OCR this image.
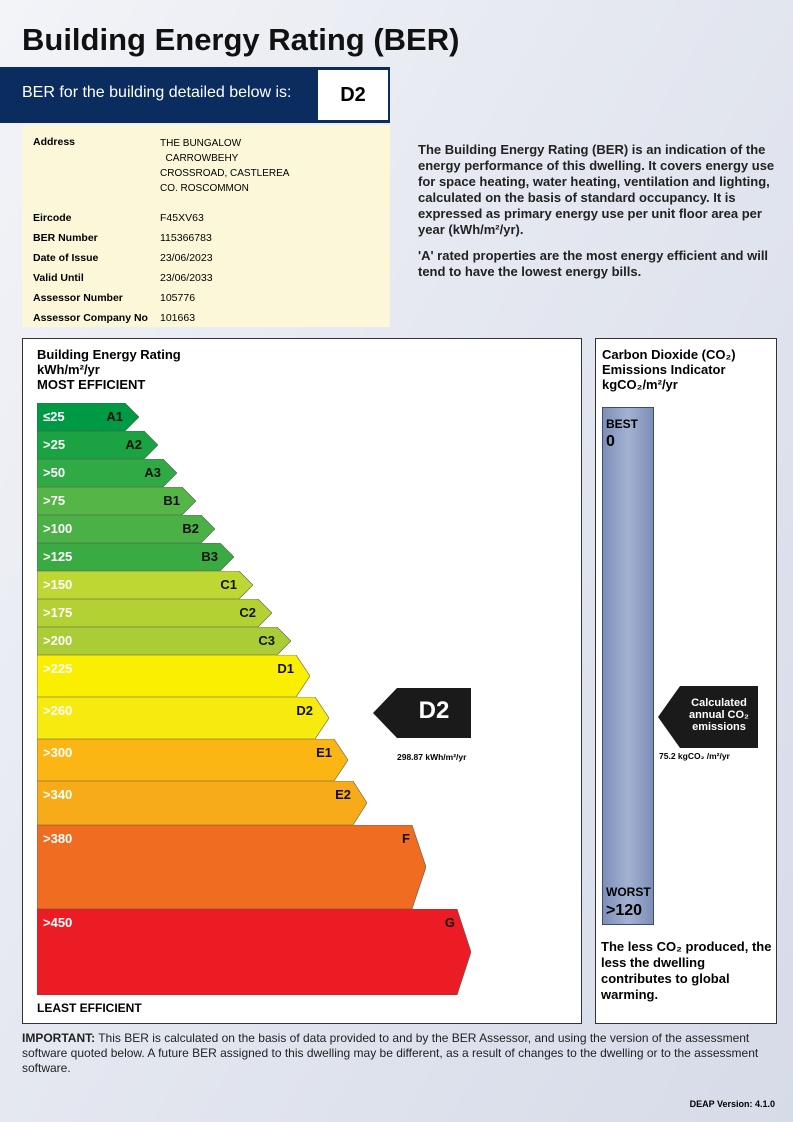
Building Energy Rating (BER)
BER for the building detailed below is:	D2
Address	THE BUNGALOW
CARROWBEHY
CROSSROAD, CASTLEREA
CO. ROSCOMMON
Eircode	F45XV63
BER Number	115366783
Date of Issue	23/06/2023
Valid Until	23/06/2033
Assessor Number	105776
Assessor Company No 101663

The Building Energy Rating (BER) is an indication of the energy performance of this dwelling. It covers energy use for space heating, water heating, ventilation and lighting, calculated on the basis of standard occupancy. It is expressed as primary energy use per unit floor area per year (kWh/m²/yr).

'A' rated properties are the most energy efficient and will tend to have the lowest energy bills.

Building Energy Rating
kWh/m²/yr
MOST EFFICIENT
≤25	A1
>25	A2
>50	A3
>75	B1
>100	B2
>125	B3
>150	C1
>175	C2
>200	C3
>225	D1
>260	D2
>300	E1
>340	E2
>380	F
>450	G
LEAST EFFICIENT
D2
298.87 kWh/m²/yr
Carbon Dioxide (CO₂)
Emissions Indicator
kgCO₂/m²/yr
BEST
0
WORST
>120
Calculated
annual CO₂
emissions
The less CO₂ produced, the less the dwelling contributes to global warming.
75.2 kgCO₂ /m²/yr
IMPORTANT: This BER is calculated on the basis of data provided to and by the BER Assessor, and using the version of the assessment software quoted below. A future BER assigned to this dwelling may be different, as a result of changes to the dwelling or to the assessment software.
DEAP Version: 4.1.0
